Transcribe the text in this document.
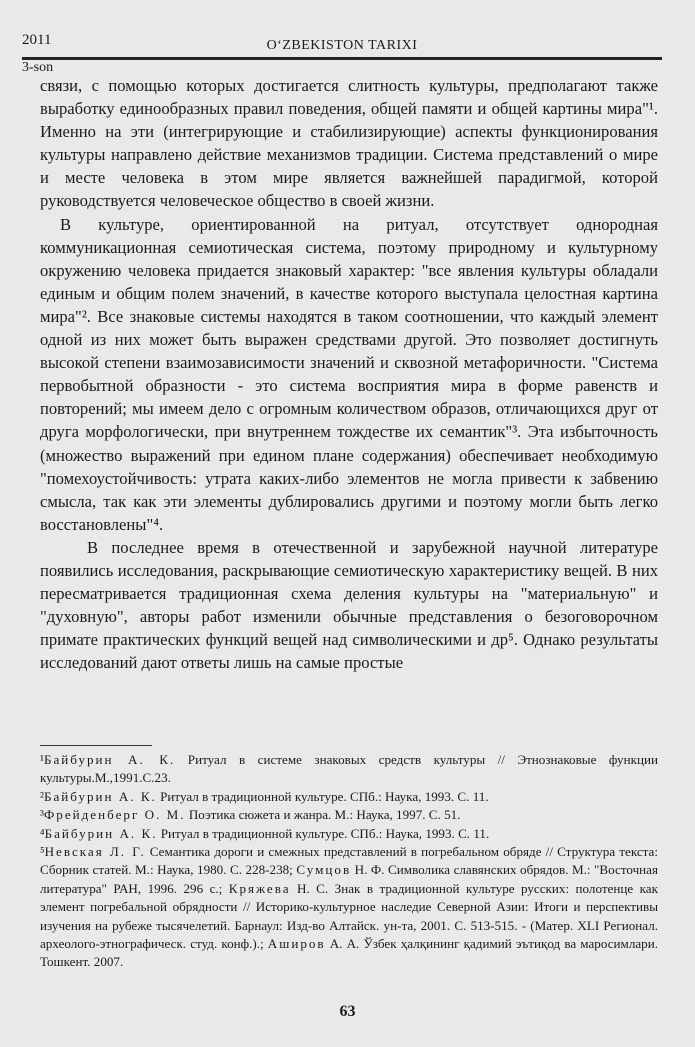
2011	O‘ZBEKISTON TARIXI
3-son

связи, с помощью которых достигается слитность культуры, предполагают также выработку единообразных правил поведения, общей памяти и общей картины мира"¹. Именно на эти (интегрирующие и стабилизирующие) аспекты функционирования культуры направлено действие механизмов традиции. Система представлений о мире и месте человека в этом мире является важнейшей парадигмой, которой руководствуется человеческое общество в своей жизни.

В культуре, ориентированной на ритуал, отсутствует однородная коммуникационная семиотическая система, поэтому природному и культурному окружению человека придается знаковый характер: "все явления культуры обладали единым и общим полем значений, в качестве которого выступала целостная картина мира"². Все знаковые системы находятся в таком соотношении, что каждый элемент одной из них может быть выражен средствами другой. Это позволяет достигнуть высокой степени взаимозависимости значений и сквозной метафоричности. "Система первобытной образности - это система восприятия мира в форме равенств и повторений; мы имеем дело с огромным количеством образов, отличающихся друг от друга морфологически, при внутреннем тождестве их семантик"³. Эта избыточность (множество выражений при едином плане содержания) обеспечивает необходимую "помехоустойчивость: утрата каких-либо элементов не могла привести к забвению смысла, так как эти элементы дублировались другими и поэтому могли быть легко восстановлены"⁴.

В последнее время в отечественной и зарубежной научной литературе появились исследования, раскрывающие семиотическую характеристику вещей. В них пересматривается традиционная схема деления культуры на "материальную" и "духовную", авторы работ изменили обычные представления о безоговорочном примате практических функций вещей над символическими и др⁵. Однако результаты исследований дают ответы лишь на самые простые

¹Байбурин А. К. Ритуал в системе знаковых средств культуры // Этнознаковые функции культуры.М.,1991.С.23.

²Байбурин А. К. Ритуал в традиционной культуре. СПб.: Наука, 1993. С. 11.

³Фрейденберг О. М. Поэтика сюжета и жанра. М.: Наука, 1997. С. 51.

⁴Байбурин А. К. Ритуал в традиционной культуре. СПб.: Наука, 1993. С. 11.

⁵Невская Л. Г. Семантика дороги и смежных представлений в погребальном обряде // Структура текста: Сборник статей. М.: Наука, 1980. С. 228-238; Сумцов Н. Ф. Символика славянских обрядов. М.: "Восточная литература" РАН, 1996. 296 с.; Кряжева Н. С. Знак в традиционной культуре русских: полотенце как элемент погребальной обрядности // Историко-культурное наследие Северной Азии: Итоги и перспективы изучения на рубеже тысячелетий. Барнаул: Изд-во Алтайск. ун-та, 2001. С. 513-515. - (Матер. XLI Регионал. археолого-этнографическ. студ. конф.).; Аширов А. А. Ўзбек ҳалқининг қадимий эътиқод ва маросимлари. Тошкент. 2007.

63
